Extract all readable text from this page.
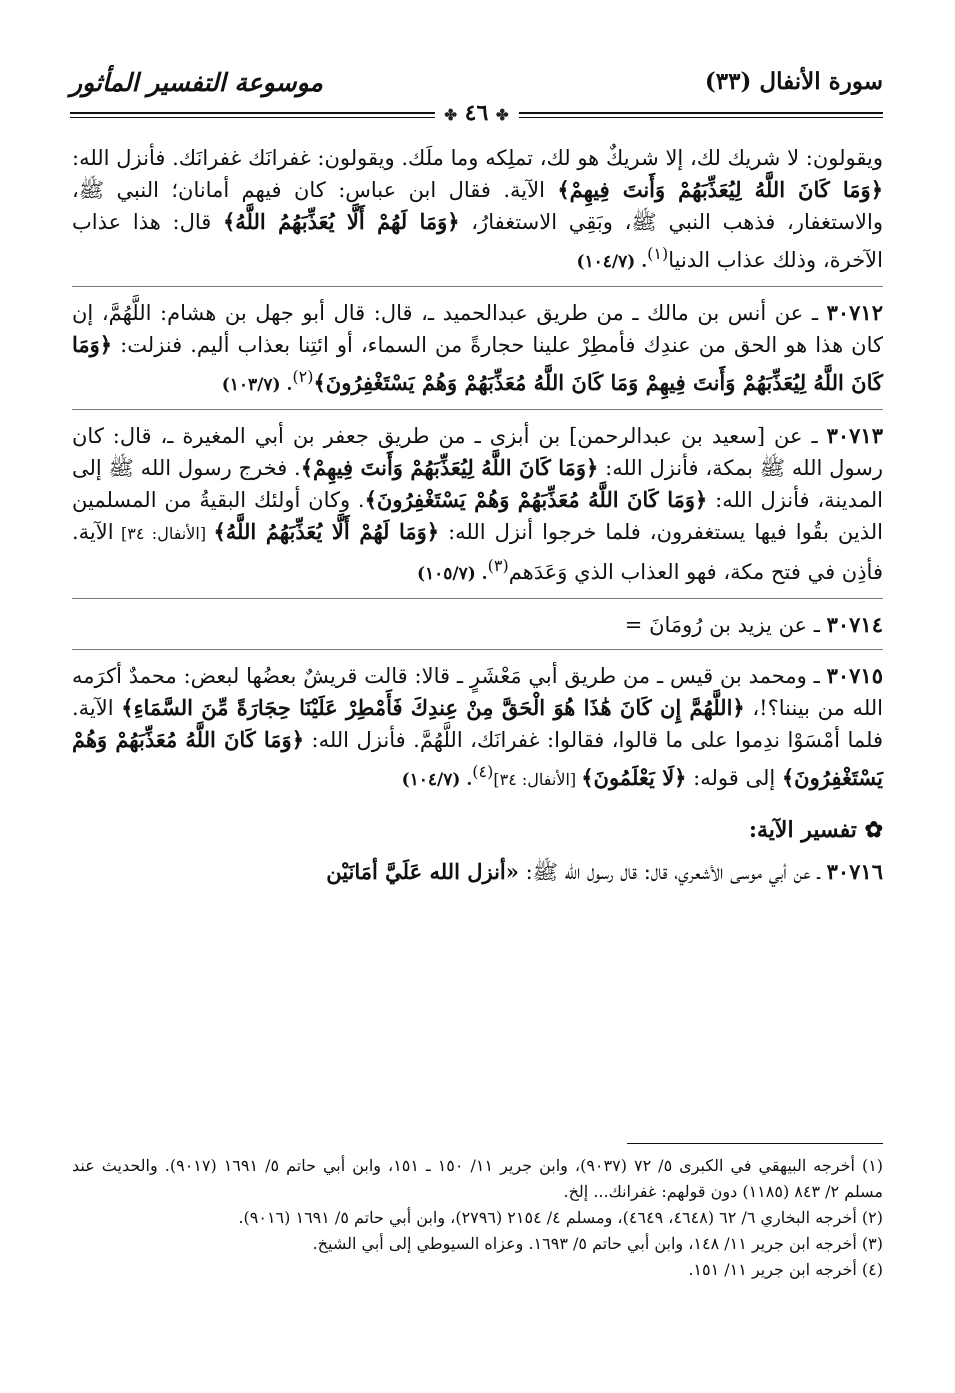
سورة الأنفال (٣٣)
موسوعة التفسير المأثور
✤ ٤٦ ✤

ويقولون: لا شريك لك، إلا شريكٌ هو لك، تملِكه وما ملَك. ويقولون: غفرانَك غفرانَك. فأنزل الله: ﴿وَمَا كَانَ اللَّهُ لِيُعَذِّبَهُمْ وَأَنتَ فِيهِمْ﴾ الآية. فقال ابن عباس: كان فيهم أمانان؛ النبي ﷺ، والاستغفار، فذهب النبي ﷺ، وبَقِي الاستغفارُ، ﴿وَمَا لَهُمْ أَلَّا يُعَذِّبَهُمُ اللَّهُ﴾ قال: هذا عذاب الآخرة، وذلك عذاب الدنيا$^{(١)}$. (١٠٤/٧)

٣٠٧١٢ ـ عن أنس بن مالك ـ من طريق عبدالحميد ـ، قال: قال أبو جهل بن هشام: اللَّهُمَّ، إن كان هذا هو الحق من عندِك فأمطِرْ علينا حجارةً من السماء، أو ائتِنا بعذاب أليم. فنزلت: ﴿وَمَا كَانَ اللَّهُ لِيُعَذِّبَهُمْ وَأَنتَ فِيهِمْ وَمَا كَانَ اللَّهُ مُعَذِّبَهُمْ وَهُمْ يَسْتَغْفِرُونَ﴾$^{(٢)}$. (١٠٣/٧)

٣٠٧١٣ ـ عن [سعيد بن عبدالرحمن] بن أبزى ـ من طريق جعفر بن أبي المغيرة ـ، قال: كان رسول الله ﷺ بمكة، فأنزل الله: ﴿وَمَا كَانَ اللَّهُ لِيُعَذِّبَهُمْ وَأَنتَ فِيهِمْ﴾. فخرج رسول الله ﷺ إلى المدينة، فأنزل الله: ﴿وَمَا كَانَ اللَّهُ مُعَذِّبَهُمْ وَهُمْ يَسْتَغْفِرُونَ﴾. وكان أولئك البقيةُ من المسلمين الذين بقُوا فيها يستغفرون، فلما خرجوا أنزل الله: ﴿وَمَا لَهُمْ أَلَّا يُعَذِّبَهُمُ اللَّهُ﴾ [الأنفال: ٣٤] الآية. فأذِن في فتح مكة، فهو العذاب الذي وَعَدَهم$^{(٣)}$. (١٠٥/٧)

٣٠٧١٤ ـ عن يزيد بن رُومَانَ =

٣٠٧١٥ ـ ومحمد بن قيس ـ من طريق أبي مَعْشَرٍ ـ قالا: قالت قريشٌ بعضُها لبعض: محمدٌ أكرَمه الله من بيننا؟!، ﴿اللَّهُمَّ إِن كَانَ هَٰذَا هُوَ الْحَقَّ مِنْ عِندِكَ فَأَمْطِرْ عَلَيْنَا حِجَارَةً مِّنَ السَّمَاءِ﴾ الآية. فلما أمْسَوْا ندِموا على ما قالوا، فقالوا: غفرانَك، اللَّهُمَّ. فأنزل الله: ﴿وَمَا كَانَ اللَّهُ مُعَذِّبَهُمْ وَهُمْ يَسْتَغْفِرُونَ﴾ إلى قوله: ﴿لَا يَعْلَمُونَ﴾ [الأنفال: ٣٤]$^{(٤)}$. (١٠٤/٧)

✿ تفسير الآية:

٣٠٧١٦ ـ عن أبي موسى الأشعري، قال: قال رسول الله ﷺ: «أنزل الله عَلَيَّ أمَانَيْن

(١) أخرجه البيهقي في الكبرى ٥/ ٧٢ (٩٠٣٧)، وابن جرير ١١/ ١٥٠ ـ ١٥١، وابن أبي حاتم ٥/ ١٦٩١ (٩٠١٧). والحديث عند مسلم ٢/ ٨٤٣ (١١٨٥) دون قولهم: غفرانك... إلخ.

(٢) أخرجه البخاري ٦/ ٦٢ (٤٦٤٨، ٤٦٤٩)، ومسلم ٤/ ٢١٥٤ (٢٧٩٦)، وابن أبي حاتم ٥/ ١٦٩١ (٩٠١٦).

(٣) أخرجه ابن جرير ١١/ ١٤٨، وابن أبي حاتم ٥/ ١٦٩٣. وعزاه السيوطي إلى أبي الشيخ.

(٤) أخرجه ابن جرير ١١/ ١٥١.
